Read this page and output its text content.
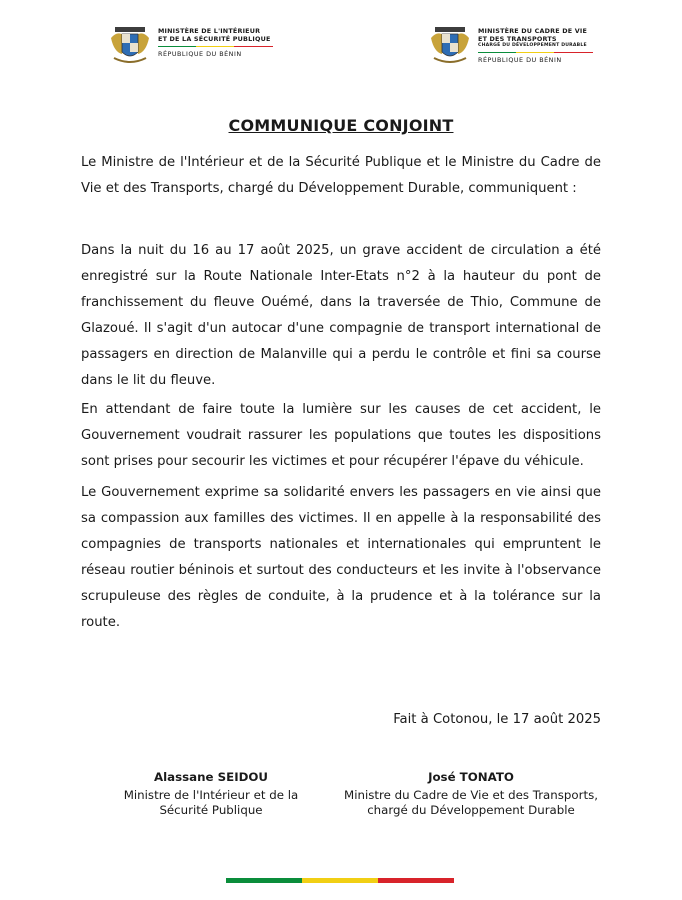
MINISTÈRE DE L'INTÉRIEUR
ET DE LA SÉCURITÉ PUBLIQUE
RÉPUBLIQUE DU BÉNIN
MINISTÈRE DU CADRE DE VIE
ET DES TRANSPORTS
CHARGÉ DU DÉVELOPPEMENT DURABLE
RÉPUBLIQUE DU BÉNIN
COMMUNIQUE CONJOINT

Le Ministre de l'Intérieur et de la Sécurité Publique et le Ministre du Cadre de Vie et des Transports, chargé du Développement Durable, communiquent :

Dans la nuit du 16 au 17 août 2025, un grave accident de circulation a été enregistré sur la Route Nationale Inter-Etats n°2 à la hauteur du pont de franchissement du fleuve Ouémé, dans la traversée de Thio, Commune de Glazoué. Il s'agit d'un autocar d'une compagnie de transport international de passagers en direction de Malanville qui a perdu le contrôle et fini sa course dans le lit du fleuve.

En attendant de faire toute la lumière sur les causes de cet accident, le Gouvernement voudrait rassurer les populations que toutes les dispositions sont prises pour secourir les victimes et pour récupérer l'épave du véhicule.

Le Gouvernement exprime sa solidarité envers les passagers en vie ainsi que sa compassion aux familles des victimes. Il en appelle à la responsabilité des compagnies de transports nationales et internationales qui empruntent le réseau routier béninois et surtout des conducteurs et les invite à l'observance scrupuleuse des règles de conduite, à la prudence et à la tolérance sur la route.

Fait à Cotonou, le 17 août 2025
Alassane SEIDOU
Ministre de l'Intérieur et de la Sécurité Publique
José TONATO
Ministre du Cadre de Vie et des Transports, chargé du Développement Durable
